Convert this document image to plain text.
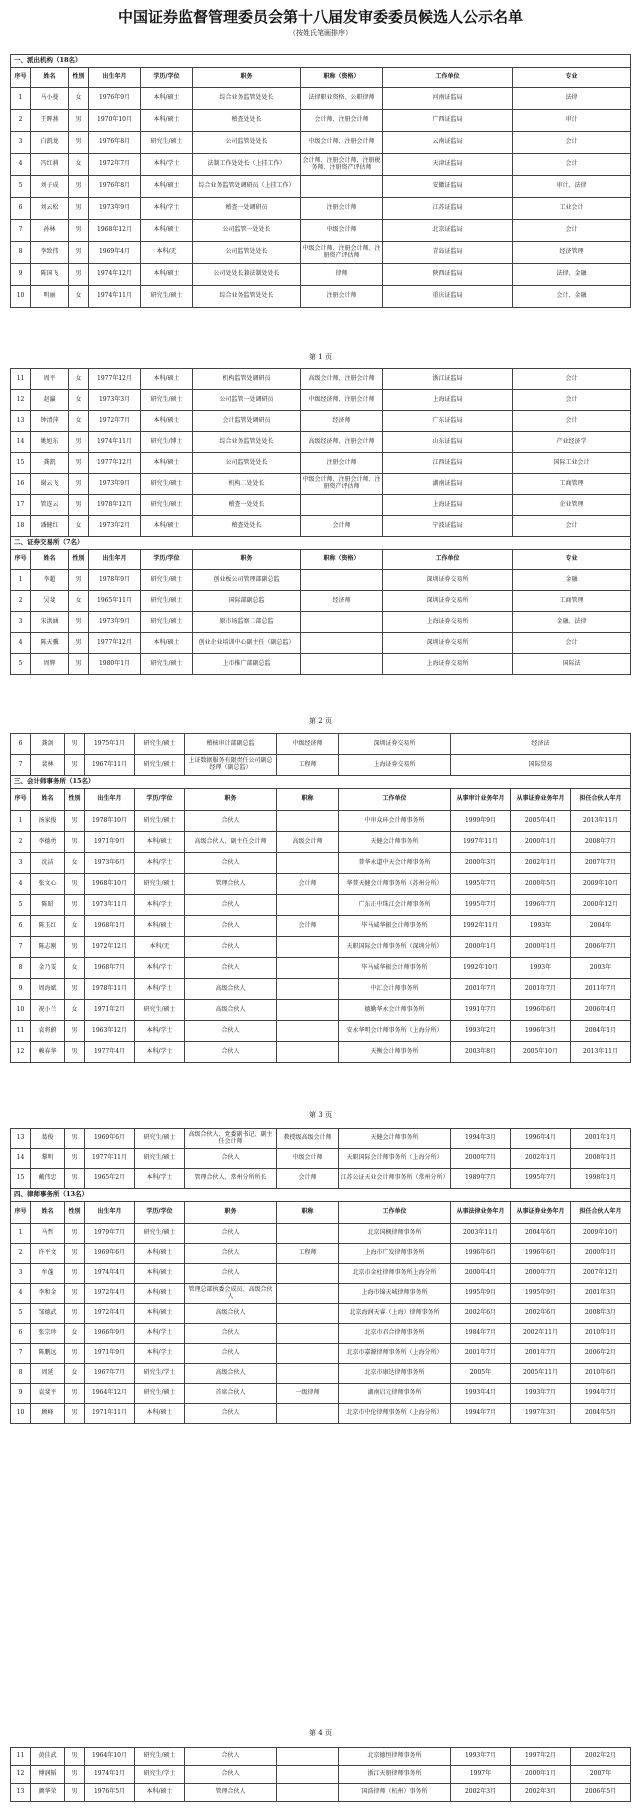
中国证券监督管理委员会第十八届发审委委员候选人公示名单
（按姓氏笔画排序）
一、派出机构（18名）								
序号	姓名	性别	出生年月	学历/学位	职务	职称（资格）	工作单位	专业
1	马小曼	女	1976年9月	本科/硕士	综合业务监管处处长	法律职业资格、公职律师	河南证监局	法律
2	王晖燕	男	1970年10月	本科/硕士	稽查处处长	会计师、注册会计师	广西证监局	审计
3	白凯龙	男	1976年8月	研究生/硕士	公司监管处处长	中级会计师、注册会计师	云南证监局	会计
4	冯红莉	女	1972年7月	本科/学士	法制工作处处长（上挂工作）	会计师、注册会计师、注册税务师、注册资产评估师	天津证监局	会计
5	刘子成	男	1976年8月	本科/硕士	综合业务监管处调研员（上挂工作）		安徽证监局	审计、法律
6	刘云松	男	1973年9月	本科/学士	稽查一处调研员	注册会计师	江苏证监局	工业会计
7	孙林	男	1968年12月	本科/硕士	公司监管一处处长	中级会计师	北京证监局	会计
8	李致伟	男	1969年4月	本科/无	公司监管处处长	中级会计师、注册会计师、注册资产评估师	青岛证监局	经济管理
9	陈国飞	男	1974年12月	本科/硕士	公司处处长兼法制处处长	律师	陕西证监局	法律、金融
10	明丽	女	1974年11月	研究生/硕士	综合业务监管处处长	注册会计师	重庆证监局	会计、金融
第 1 页
11	周平	女	1977年12月	本科/硕士	机构监管处调研员	高级会计师、注册会计师	浙江证监局	会计
12	赵瀛	女	1973年3月	研究生/硕士	公司监管一处调研员	中级经济师、注册会计师	上海证监局	会计
13	钟清萍	女	1972年7月	本科/硕士	会计监管处调研员	经济师	广东证监局	会计
14	姚旭东	男	1974年11月	研究生/博士	综合业务监管处处长	高级经济师、注册会计师	山东证监局	产业经济学
15	龚凯	男	1977年12月	本科/硕士	公司监管处处长	注册会计师	江西证监局	国际工业会计
16	谢云飞	男	1973年9月	研究生/硕士	机构二处处长	中级会计师、注册会计师、注册资产评估师	湖南证监局	工商管理
17	管连云	男	1978年12月	研究生/硕士	稽查一处处长		上海证监局	企业管理
18	潘健红	女	1973年2月	本科/硕士	稽查处处长	会计师	宁波证监局	会计
二、证券交易所（7名）								
序号	姓名	性别	出生年月	学历/学位	职务	职称（资格）	工作单位	专业
1	李超	男	1978年9月	研究生/硕士	创业板公司管理部副总监		深圳证券交易所	金融
2	吴斐	女	1965年11月	研究生/硕士	国际部副总监	经济师	深圳证券交易所	工商管理
3	宋洪涵	男	1973年9月	研究生/硕士	原市场监察二部总监		上海证券交易所	金融、法律
4	陈天骥	男	1977年12月	本科/硕士	创业企业培训中心副主任（副总监）		深圳证券交易所	会计
5	周辉	男	1980年1月	研究生/硕士	上市推广部副总监		上海证券交易所	国际法
第 2 页
6	龚剑	男	1975年1月	研究生/硕士	稽核审计部副总监	中级经济师	深圳证券交易所	经济法		
7	裴林	男	1967年11月	研究生/硕士	上证数据服务有限责任公司副总经理（副总监）	工程师	上海证券交易所	国际贸易		
三、会计师事务所（15名）										
序号	姓名	性别	出生年月	学历/学位	职务	职称	工作单位	从事审计业务年月	从事证券业务年月	担任合伙人年月
1	汤家俊	男	1978年10月	研究生/硕士	合伙人		中审众环会计师事务所	1999年9月	2005年4月	2013年11月
2	李德勇	男	1971年9月	本科/硕士	高级合伙人、副主任会计师	高级会计师	天健会计师事务所	1997年11月	2000年1月	2008年7月
3	沈洁	女	1973年6月	本科/学士	合伙人		普华永道中天会计师事务所	2000年3月	2002年1月	2007年7月
4	张文心	男	1968年10月	研究生/硕士	管理合伙人	会计师	华普天健会计师事务所（苏州分所）	1995年7月	2000年5月	2009年10月
5	陈昭	男	1973年11月	本科/学士	合伙人		广东正中珠江会计师事务所	1995年7月	1996年7月	2000年12月
6	陈玉红	女	1968年1月	本科/硕士	合伙人	会计师	毕马威华振会计师事务所	1992年11月	1993年	2004年
7	陈志刚	男	1972年12月	本科/无	合伙人		天职国际会计师事务所（深圳分所）	2000年1月	2000年1月	2006年7月
8	金乃雯	女	1968年7月	本科/学士	合伙人		毕马威华振会计师事务所	1992年10月	1993年	2003年
9	周海斌	男	1978年11月	本科/学士	高级合伙人		中汇会计师事务所	2001年7月	2001年7月	2011年7月
10	祝小兰	女	1971年2月	研究生/硕士	高级合伙人		德勤华永会计师事务所	1991年7月	1996年6月	2006年4月
11	袁将蔚	男	1963年12月	本科/学士	合伙人		安永华明会计师事务所（上海分所）	1993年2月	1996年3月	2004年1月
12	赖春华	男	1977年4月	本科/学士	合伙人		天衡会计师事务所	2003年8月	2005年10月	2013年11月
第 3 页
13	葛俊	男	1969年6月	研究生/硕士	高级合伙人、党委副书记、副主任会计师	教授级高级会计师	天健会计师事务所	1994年3月	1996年4月	2001年1月
14	黎明	男	1977年11月	研究生/硕士	合伙人	中级会计师	天职国际会计师事务所（上海分所）	2000年7月	2002年1月	2008年1月
15	戴伟忠	男	1965年2月	本科/学士	管理合伙人、常州分所所长	会计师	江苏公证天业会计师事务所（常州分所）	1989年7月	1995年7月	1998年1月
四、律师事务所（13名）										
序号	姓名	性别	出生年月	学历/学位	职务	职称	工作单位	从事法律业务年月	从事证券业务年月	担任合伙人年月
1	马哲	男	1979年7月	研究生/硕士	合伙人		北京国枫律师事务所	2003年11月	2004年6月	2009年10月
2	许平文	男	1969年6月	本科/硕士	合伙人	工程师	上海市广发律师事务所	1996年6月	1996年6月	2000年1月
3	牟蓬	男	1974年4月	本科/硕士	合伙人		北京市金杜律师事务所上海分所	2000年4月	2000年7月	2007年12月
4	李和金	男	1972年4月	本科/硕士	管理总部执委会成员、高级合伙人		上海市锦天城律师事务所	1995年9月	1995年9月	2001年3月
5	邹德武	男	1972年4月	本科/硕士	高级合伙人		北京海润天睿（上海）律师事务所	2002年6月	2002年6月	2008年3月
6	张宗珍	女	1966年9月	本科/学士	合伙人		北京市君合律师事务所	1984年7月	2002年11月	2010年1月
7	陈鹏远	男	1971年9月	本科/学士	合伙人		北京市嘉源律师事务所（上海分所）	2001年7月	2001年7月	2006年2月
8	周延	女	1967年7月	研究生/学士	高级合伙人		北京市康达律师事务所	2005年	2005年11月	2010年6月
9	袁斐平	男	1964年12月	研究生/硕士	首席合伙人	一级律师	湖南启元律师事务所	1993年4月	1993年7月	1994年7月
10	顾峰	男	1971年11月	本科/硕士	合伙人		北京市中伦律师事务所（上海分所）	1994年7月	1997年3月	2004年5月
第 4 页
11	黄佳武	男	1964年10月	研究生/硕士	合伙人		北京德恒律师事务所	1993年7月	1997年2月	2002年2月
12	傅润韬	男	1974年1月	研究生/学士	合伙人		浙江天册律师事务所	1997年	2000年1月	2007年
13	颜华荣	男	1976年5月	本科/硕士	管理合伙人		国浩律师（杭州）事务所	2002年3月	2002年3月	2006年5月
